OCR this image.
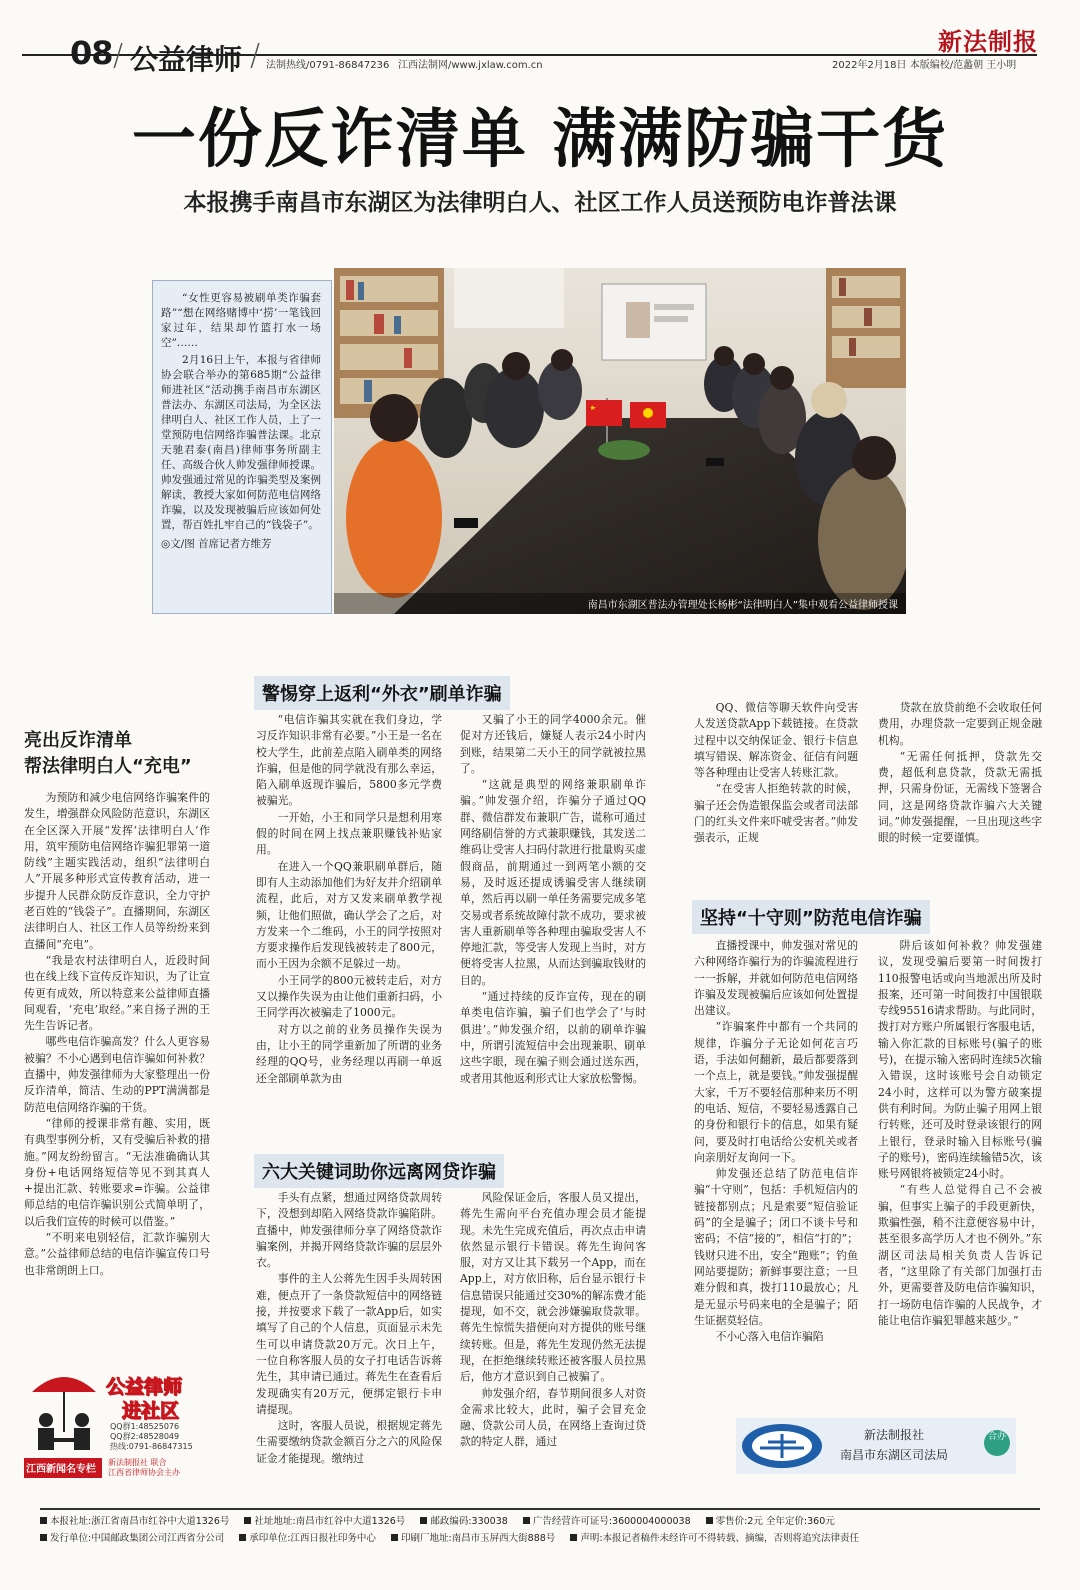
08 / 公益律师 / 法制热线/0791-86847236 江西法制网/www.jxlaw.com.cn	2022年2月18日 本版编校/范蠡朝 王小明
新法制报
一份反诈清单 满满防骗干货
本报携手南昌市东湖区为法律明白人、社区工作人员送预防电诈普法课

“女性更容易被刷单类诈骗套路”“想在网络赌博中‘捞’一笔钱回家过年，结果却竹篮打水一场空”……

2月16日上午，本报与省律师协会联合举办的第685期“公益律师进社区”活动携手南昌市东湖区普法办、东湖区司法局，为全区法律明白人、社区工作人员，上了一堂预防电信网络诈骗普法课。北京天驰君泰(南昌)律师事务所副主任、高级合伙人帅发强律师授课。帅发强通过常见的诈骗类型及案例解读，教授大家如何防范电信网络诈骗，以及发现被骗后应该如何处置，帮百姓扎牢自己的“钱袋子”。

◎文/图 首席记者方维芳
南昌市东湖区普法办管理处长杨彬“法律明白人”集中观看公益律师授课
亮出反诈清单
帮法律明白人“充电”
警惕穿上返利“外衣”刷单诈骗
六大关键词助你远离网贷诈骗
坚持“十守则”防范电信诈骗

为预防和减少电信网络诈骗案件的发生，增强群众风险防范意识，东湖区在全区深入开展“发挥‘法律明白人’作用，筑牢预防电信网络诈骗犯罪第一道防线”主题实践活动，组织“法律明白人”开展多种形式宣传教育活动，进一步提升人民群众防反诈意识，全力守护老百姓的“钱袋子”。直播期间，东湖区法律明白人、社区工作人员等纷纷来到直播间“充电”。

“我是农村法律明白人，近段时间也在线上线下宣传反诈知识，为了让宣传更有成效，所以特意来公益律师直播间观看，‘充电’取经。”来自扬子洲的王先生告诉记者。

哪些电信诈骗高发？什么人更容易被骗？不小心遇到电信诈骗如何补救？直播中，帅发强律师为大家整理出一份反诈清单，简洁、生动的PPT满满都是防范电信网络诈骗的干货。

“律师的授课非常有趣、实用，既有典型事例分析，又有受骗后补救的措施。”网友纷纷留言。“无法准确确认其身份+电话网络短信等见不到其真人+提出汇款、转账要求=诈骗。公益律师总结的电信诈骗识别公式简单明了，以后我们宣传的时候可以借鉴。”

“不明来电别轻信，汇款诈骗别大意。”公益律师总结的电信诈骗宣传口号也非常朗朗上口。

“电信诈骗其实就在我们身边，学习反诈知识非常有必要。”小王是一名在校大学生，此前差点陷入刷单类的网络诈骗，但是他的同学就没有那么幸运，陷入刷单返现诈骗后，5800多元学费被骗光。

一开始，小王和同学只是想利用寒假的时间在网上找点兼职赚钱补贴家用。

在进入一个QQ兼职刷单群后，随即有人主动添加他们为好友并介绍刷单流程，此后，对方又发来刷单教学视频，让他们照做，确认学会了之后，对方发来一个二维码，小王的同学按照对方要求操作后发现钱被转走了800元，而小王因为余额不足躲过一劫。

小王同学的800元被转走后，对方又以操作失误为由让他们重新扫码，小王同学再次被骗走了1000元。

对方以之前的业务员操作失误为由，让小王的同学重新加了所谓的业务经理的QQ号，业务经理以再刷一单返还全部刷单款为由

又骗了小王的同学4000余元。催促对方还钱后，嫌疑人表示24小时内到账，结果第二天小王的同学就被拉黑了。

“这就是典型的网络兼职刷单诈骗。”帅发强介绍，诈骗分子通过QQ群、微信群发布兼职广告，谎称可通过网络刷信誉的方式兼职赚钱，其发送二维码让受害人扫码付款进行批量购买虚假商品，前期通过一到两笔小额的交易，及时返还提成诱骗受害人继续刷单，然后再以刷一单任务需要完成多笔交易或者系统故障付款不成功，要求被害人重新刷单等各种理由骗取受害人不停地汇款，等受害人发现上当时，对方便将受害人拉黑，从而达到骗取钱财的目的。

“通过持续的反诈宣传，现在的刷单类电信诈骗，骗子们也学会了‘与时俱进’。”帅发强介绍，以前的刷单诈骗中，所谓引流短信中会出现兼职、刷单这些字眼，现在骗子则会通过送东西，或者用其他返利形式让大家放松警惕。

手头有点紧，想通过网络贷款周转下，没想到却陷入网络贷款诈骗陷阱。直播中，帅发强律师分享了网络贷款诈骗案例，并揭开网络贷款诈骗的层层外衣。

事件的主人公蒋先生因手头周转困难，便点开了一条贷款短信中的网络链接，并按要求下载了一款App后，如实填写了自己的个人信息，页面显示未先生可以申请贷款20万元。次日上午，一位自称客服人员的女子打电话告诉蒋先生，其申请已通过。蒋先生在查看后发现确实有20万元，便绑定银行卡申请提现。

这时，客服人员说，根据规定蒋先生需要缴纳贷款金额百分之六的风险保证金才能提现。缴纳过

风险保证金后，客服人员又提出，蒋先生需向平台充值办理会员才能提现。未先生完成充值后，再次点击申请依然显示银行卡错误。蒋先生询问客服，对方又让其下载另一个App，而在App上，对方依旧称，后台显示银行卡信息错误只能通过交30%的解冻费才能提现，如不交，就会涉嫌骗取贷款罪。蒋先生惊慌失措便向对方提供的账号继续转账。但是，蒋先生发现仍然无法提现，在拒绝继续转账还被客服人员拉黑后，他方才意识到自己被骗了。

帅发强介绍，春节期间很多人对资金需求比较大，此时，骗子会冒充金融、贷款公司人员，在网络上查询过贷款的特定人群，通过

QQ、微信等聊天软件向受害人发送贷款App下载链接。在贷款过程中以交纳保证金、银行卡信息填写错误、解冻资金、征信有问题等各种理由让受害人转账汇款。

“在受害人拒绝转款的时候，骗子还会伪造银保监会或者司法部门的红头文件来吓唬受害者。”帅发强表示，正规

贷款在放贷前绝不会收取任何费用，办理贷款一定要到正规金融机构。

“无需任何抵押，贷款先交费，超低利息贷款，贷款无需抵押，只需身份证，无需线下签署合同，这是网络贷款诈骗六大关键词。”帅发强提醒，一旦出现这些字眼的时候一定要谨慎。

直播授课中，帅发强对常见的六种网络诈骗行为的诈骗流程进行一一拆解，并就如何防范电信网络诈骗及发现被骗后应该如何处置提出建议。

“诈骗案件中都有一个共同的规律，诈骗分子无论如何花言巧语，手法如何翻新，最后都要落到一个点上，就是要钱。”帅发强提醒大家，千万不要轻信那种来历不明的电话、短信，不要轻易透露自己的身份和银行卡的信息，如果有疑问，要及时打电话给公安机关或者向亲朋好友询问一下。

帅发强还总结了防范电信诈骗“十守则”，包括：手机短信内的链接都别点；凡是索要“短信验证码”的全是骗子；闭口不谈卡号和密码；不信“接的”，相信“打的”；钱财只进不出，安全“跑账”；钓鱼网站要提防；新鲜事要注意；一旦难分假和真，拨打110最放心；凡是无显示号码来电的全是骗子；陌生证据莫轻信。

不小心落入电信诈骗陷

阱后该如何补救？帅发强建议，发现受骗后要第一时间拨打110报警电话或向当地派出所及时报案，还可第一时间拨打中国银联专线95516请求帮助。与此同时，拨打对方账户所属银行客服电话，输入你汇款的目标账号(骗子的账号)，在提示输入密码时连续5次输入错误，这时该账号会自动锁定24小时，这样可以为警方破案提供有利时间。为防止骗子用网上银行转账，还可及时登录该银行的网上银行，登录时输入目标账号(骗子的账号)，密码连续输错5次，该账号网银将被锁定24小时。

“有些人总觉得自己不会被骗，但事实上骗子的手段更新快，欺骗性强，稍不注意便容易中计，甚至很多高学历人才也不例外。”东湖区司法局相关负责人告诉记者，“这里除了有关部门加强打击外，更需要普及防电信诈骗知识，打一场防电信诈骗的人民战争，才能让电信诈骗犯罪越来越少。”

公益律师
进社区
QQ群1:48525076
QQ群2:48528049
热线:0791-86847315
江西新闻名专栏
新法制报社 联合
江西省律师协会主办
新法制报社
南昌市东湖区司法局
合办
本报社址:浙江省南昌市红谷中大道1326号	社址地址:南昌市红谷中大道1326号	邮政编码:330038	广告经营许可证号:3600004000038	零售价:2元 全年定价:360元
发行单位:中国邮政集团公司江西省分公司	承印单位:江西日报社印务中心	印刷厂地址:南昌市玉屏西大街888号	声明:本报记者稿件未经许可不得转载、摘编，否则将追究法律责任
